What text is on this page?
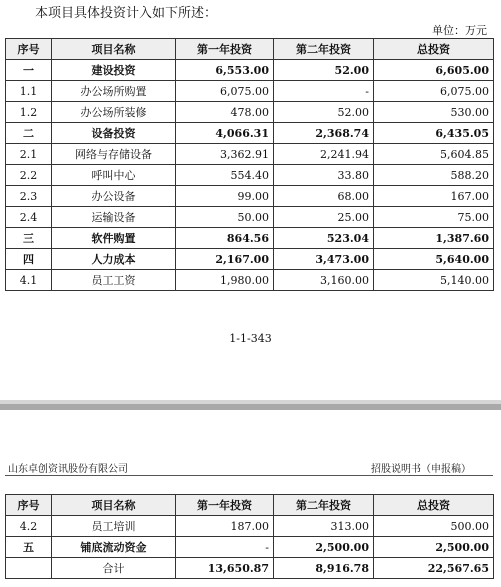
本项目具体投资计入如下所述：
单位：万元
序号	项目名称	第一年投资	第二年投资	总投资
一	建设投资	6,553.00	52.00	6,605.00
1.1	办公场所购置	6,075.00	-	6,075.00
1.2	办公场所装修	478.00	52.00	530.00
二	设备投资	4,066.31	2,368.74	6,435.05
2.1	网络与存储设备	3,362.91	2,241.94	5,604.85
2.2	呼叫中心	554.40	33.80	588.20
2.3	办公设备	99.00	68.00	167.00
2.4	运输设备	50.00	25.00	75.00
三	软件购置	864.56	523.04	1,387.60
四	人力成本	2,167.00	3,473.00	5,640.00
4.1	员工工资	1,980.00	3,160.00	5,140.00
1-1-343
山东卓创资讯股份有限公司	招股说明书（申报稿）
序号	项目名称	第一年投资	第二年投资	总投资
4.2	员工培训	187.00	313.00	500.00
五	铺底流动资金	-	2,500.00	2,500.00
	合计	13,650.87	8,916.78	22,567.65
